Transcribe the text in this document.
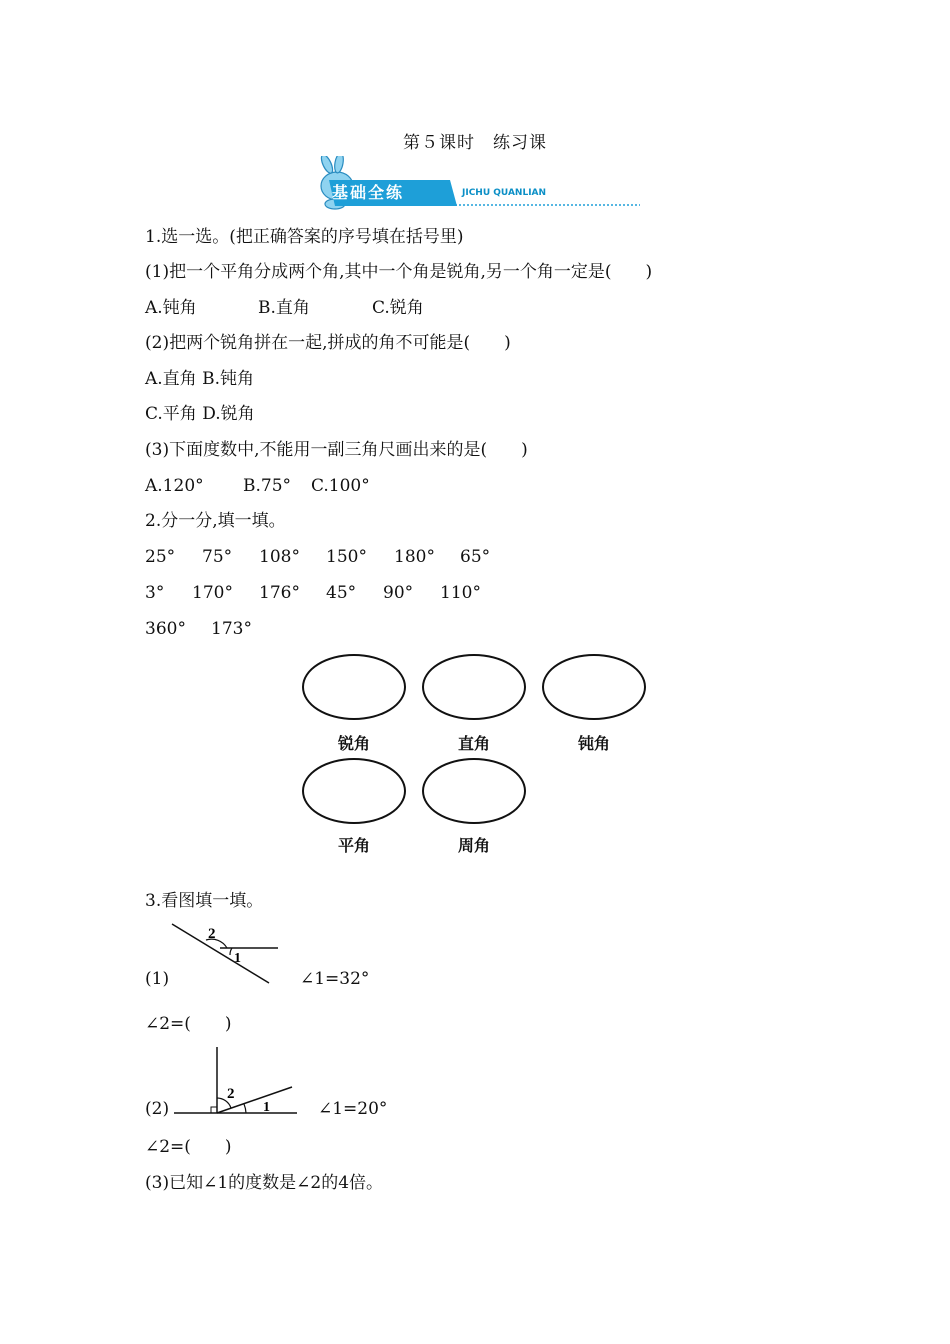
第５课时　练习课
基础全练	JICHU QUANLIAN

1.选一选。(把正确答案的序号填在括号里)

(1)把一个平角分成两个角,其中一个角是锐角,另一个角一定是(　　)

A.钝角	B.直角	C.锐角

(2)把两个锐角拼在一起,拼成的角不可能是(　　)

A.直角 B.钝角

C.平角 D.锐角

(3)下面度数中,不能用一副三角尺画出来的是(　　)

A.120° B.75° C.100°

2.分一分,填一填。

25° 75° 108° 150° 180° 65°
3° 170° 176° 45° 90° 110°
360° 173°
锐角	直角	钝角
平角	周角

3.看图填一填。

2
1

(1)	∠1=32°

∠2=(　　)

2
1

(2)	∠1=20°

∠2=(　　)

(3)已知∠1的度数是∠2的4倍。
